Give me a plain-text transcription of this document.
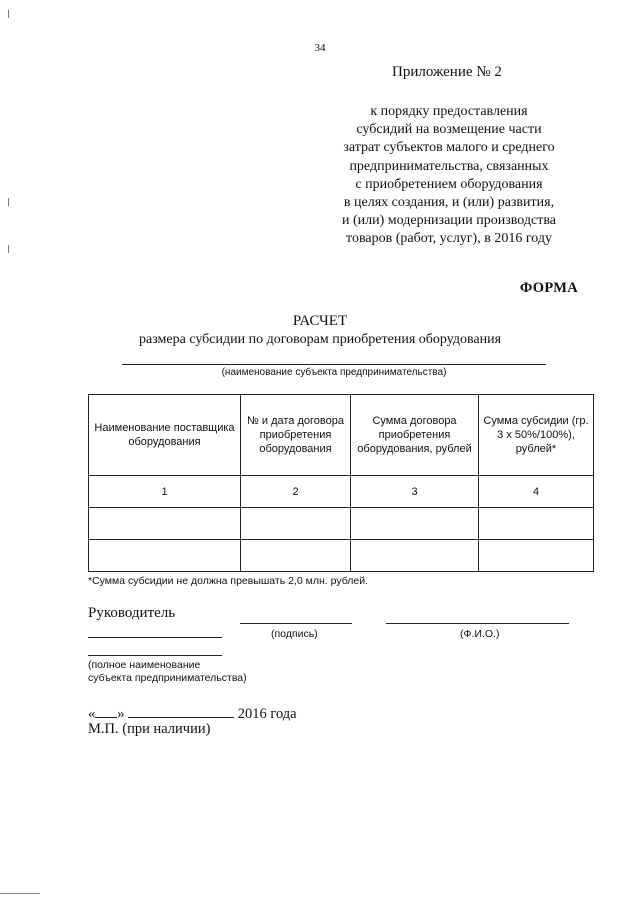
34
Приложение № 2
к порядку предоставления
субсидий на возмещение части
затрат субъектов малого и среднего
предпринимательства, связанных
с приобретением оборудования
в целях создания, и (или) развития,
и (или) модернизации производства
товаров (работ, услуг), в 2016 году
ФОРМА
РАСЧЕТ
размера субсидии по договорам приобретения оборудования
(наименование субъекта предпринимательства)
Наименование поставщика оборудования	№ и дата договора приобретения оборудования	Сумма договора приобретения оборудования, рублей	Сумма субсидии (гр. 3 х 50%/100%), рублей*
1	2	3	4

*Сумма субсидии не должна превышать 2,0 млн. рублей.
Руководитель
(подпись)	(Ф.И.О.)
(полное наименование
субъекта предпринимательства)
« »	2016 года
М.П. (при наличии)
